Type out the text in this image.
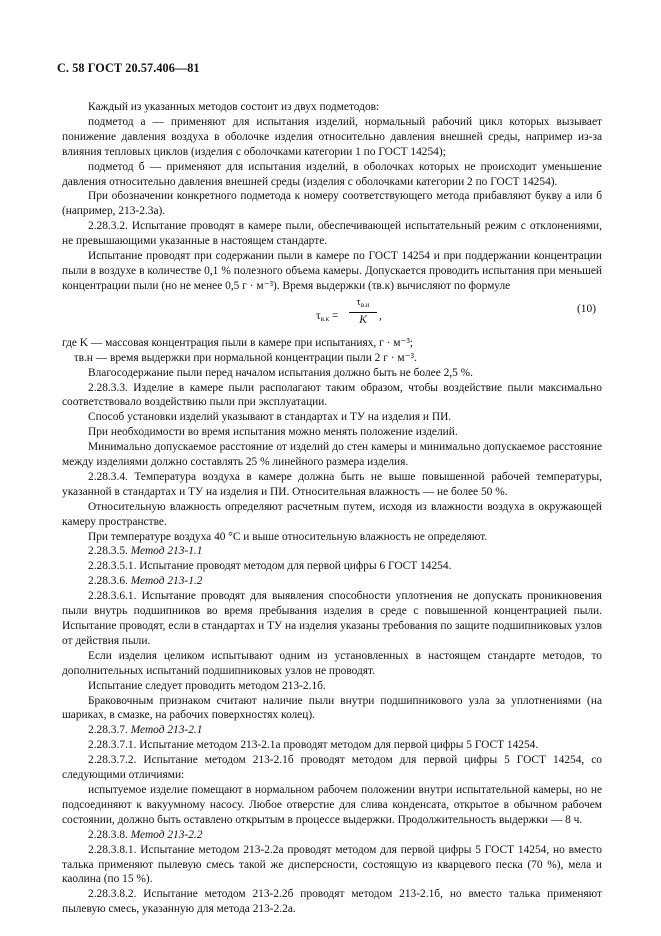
С. 58 ГОСТ 20.57.406—81

Каждый из указанных методов состоит из двух подметодов:

подметод а — применяют для испытания изделий, нормальный рабочий цикл которых вызывает понижение давления воздуха в оболочке изделия относительно давления внешней среды, например из-за влияния тепловых циклов (изделия с оболочками категории 1 по ГОСТ 14254);

подметод б — применяют для испытания изделий, в оболочках которых не происходит уменьшение давления относительно давления внешней среды (изделия с оболочками категории 2 по ГОСТ 14254).

При обозначении конкретного подметода к номеру соответствующего метода прибавляют букву а или б (например, 213-2.3а).

2.28.3.2. Испытание проводят в камере пыли, обеспечивающей испытательный режим с отклонениями, не превышающими указанные в настоящем стандарте.

Испытание проводят при содержании пыли в камере по ГОСТ 14254 и при поддержании концентрации пыли в воздухе в количестве 0,1 % полезного объема камеры. Допускается проводить испытания при меньшей концентрации пыли (но не менее 0,5 г · м⁻³). Время выдержки (τв.к) вычисляют по формуле

$\tau_{в.к}$ =
$\tau_{в.н}$
K	,
(10)

где K — массовая концентрация пыли в камере при испытаниях, г · м⁻³;

τв.н — время выдержки при нормальной концентрации пыли 2 г · м⁻³.

Влагосодержание пыли перед началом испытания должно быть не более 2,5 %.

2.28.3.3. Изделие в камере пыли располагают таким образом, чтобы воздействие пыли максимально соответствовало воздействию пыли при эксплуатации.

Способ установки изделий указывают в стандартах и ТУ на изделия и ПИ.

При необходимости во время испытания можно менять положение изделий.

Минимально допускаемое расстояние от изделий до стен камеры и минимально допускаемое расстояние между изделиями должно составлять 25 % линейного размера изделия.

2.28.3.4. Температура воздуха в камере должна быть не выше повышенной рабочей температуры, указанной в стандартах и ТУ на изделия и ПИ. Относительная влажность — не более 50 %.

Относительную влажность определяют расчетным путем, исходя из влажности воздуха в окружающей камеру пространстве.

При температуре воздуха 40 °С и выше относительную влажность не определяют.

2.28.3.5. Метод 213-1.1

2.28.3.5.1. Испытание проводят методом для первой цифры 6 ГОСТ 14254.

2.28.3.6. Метод 213-1.2

2.28.3.6.1. Испытание проводят для выявления способности уплотнения не допускать проникновения пыли внутрь подшипников во время пребывания изделия в среде с повышенной концентрацией пыли. Испытание проводят, если в стандартах и ТУ на изделия указаны требования по защите подшипниковых узлов от действия пыли.

Если изделия целиком испытывают одним из установленных в настоящем стандарте методов, то дополнительных испытаний подшипниковых узлов не проводят.

Испытание следует проводить методом 213-2.1б.

Браковочным признаком считают наличие пыли внутри подшипникового узла за уплотнениями (на шариках, в смазке, на рабочих поверхностях колец).

2.28.3.7. Метод 213-2.1

2.28.3.7.1. Испытание методом 213-2.1а проводят методом для первой цифры 5 ГОСТ 14254.

2.28.3.7.2. Испытание методом 213-2.1б проводят методом для первой цифры 5 ГОСТ 14254, со следующими отличиями:

испытуемое изделие помещают в нормальном рабочем положении внутри испытательной камеры, но не подсоединяют к вакуумному насосу. Любое отверстие для слива конденсата, открытое в обычном рабочем состоянии, должно быть оставлено открытым в процессе выдержки. Продолжительность выдержки — 8 ч.

2.28.3.8. Метод 213-2.2

2.28.3.8.1. Испытание методом 213-2.2а проводят методом для первой цифры 5 ГОСТ 14254, но вместо талька применяют пылевую смесь такой же дисперсности, состоящую из кварцевого песка (70 %), мела и каолина (по 15 %).

2.28.3.8.2. Испытание методом 213-2.2б проводят методом 213-2.1б, но вместо талька применяют пылевую смесь, указанную для метода 213-2.2а.
